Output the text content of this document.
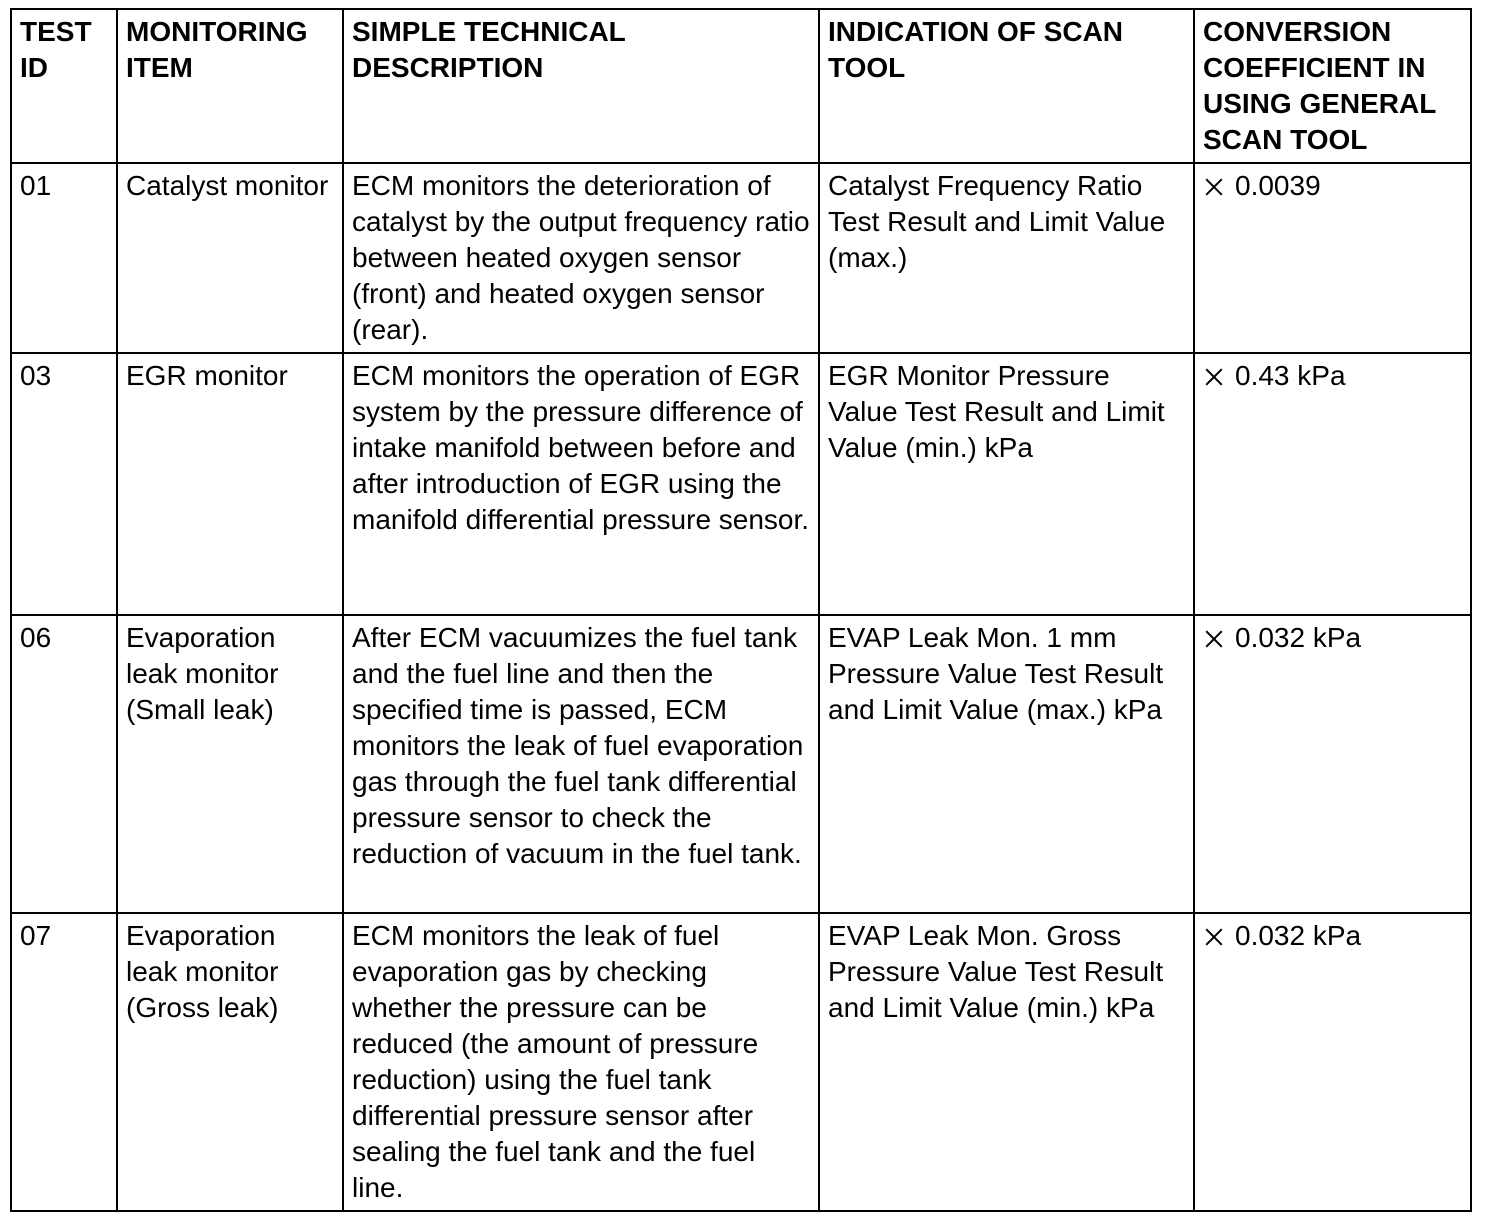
TEST ID	MONITORING ITEM	SIMPLE TECHNICAL DESCRIPTION	INDICATION OF SCAN TOOL	CONVERSION COEFFICIENT IN USING GENERAL SCAN TOOL
01	Catalyst monitor	ECM monitors the deterioration of catalyst by the output frequency ratio between heated oxygen sensor (front) and heated oxygen sensor (rear).	Catalyst Frequency Ratio Test Result and Limit Value (max.)	0.0039

03	EGR monitor	ECM monitors the operation of EGR system by the pressure difference of intake manifold between before and after introduction of EGR using the manifold differential pressure sensor.	EGR Monitor Pressure Value Test Result and Limit Value (min.) kPa	0.43 kPa

06	Evaporation leak monitor (Small leak)	After ECM vacuumizes the fuel tank and the fuel line and then the specified time is passed, ECM monitors the leak of fuel evaporation gas through the fuel tank differential pressure sensor to check the reduction of vacuum in the fuel tank.	EVAP Leak Mon. 1 mm Pressure Value Test Result and Limit Value (max.) kPa	0.032 kPa

07	Evaporation leak monitor (Gross leak)	ECM monitors the leak of fuel evaporation gas by checking whether the pressure can be reduced (the amount of pressure reduction) using the fuel tank differential pressure sensor after sealing the fuel tank and the fuel line.	EVAP Leak Mon. Gross Pressure Value Test Result and Limit Value (min.) kPa	0.032 kPa
